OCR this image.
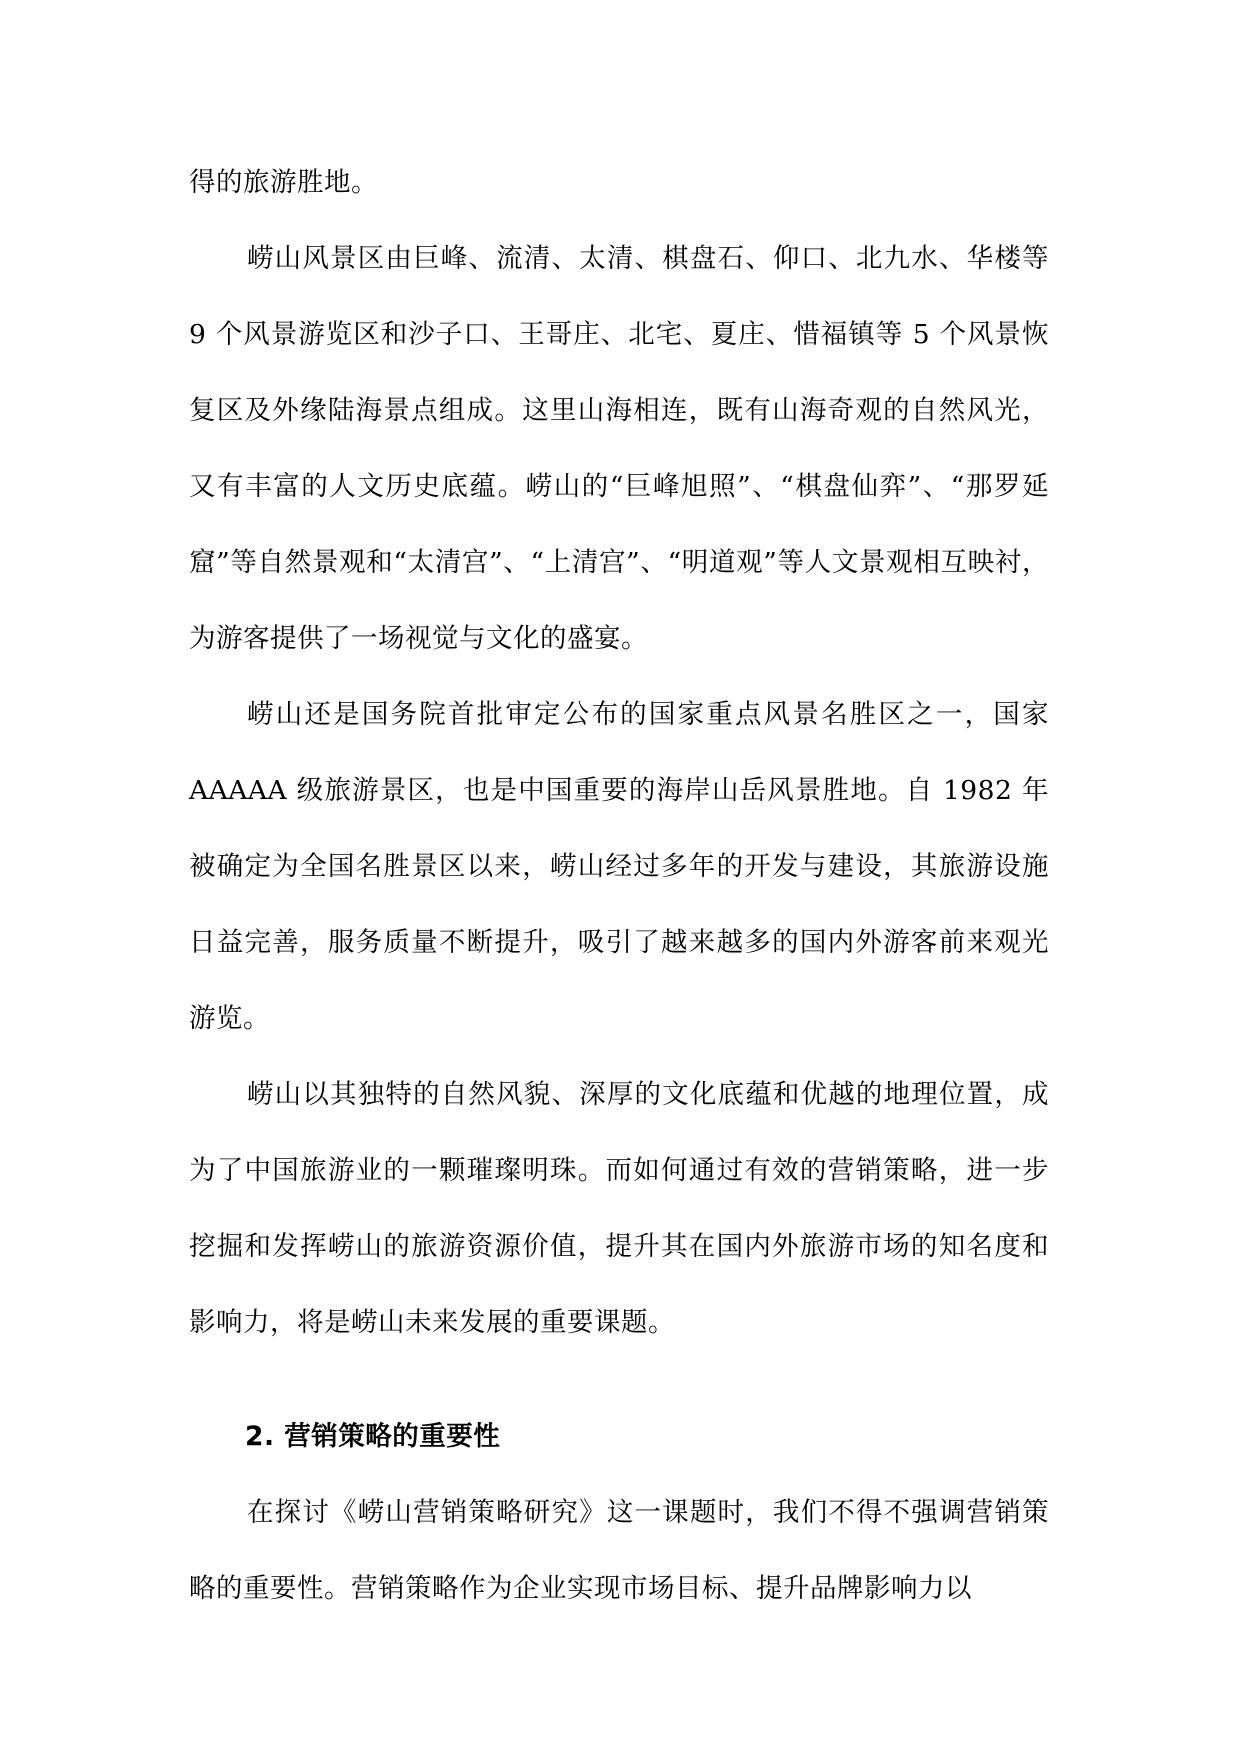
得的旅游胜地。

崂山风景区由巨峰、流清、太清、棋盘石、仰口、北九水、华楼等 9 个风景游览区和沙子口、王哥庄、北宅、夏庄、惜福镇等 5 个风景恢复区及外缘陆海景点组成。这里山海相连，既有山海奇观的自然风光，又有丰富的人文历史底蕴。崂山的“巨峰旭照”、“棋盘仙弈”、“那罗延窟”等自然景观和“太清宫”、“上清宫”、“明道观”等人文景观相互映衬，为游客提供了一场视觉与文化的盛宴。

崂山还是国务院首批审定公布的国家重点风景名胜区之一，国家 AAAAA 级旅游景区，也是中国重要的海岸山岳风景胜地。自 1982 年被确定为全国名胜景区以来，崂山经过多年的开发与建设，其旅游设施日益完善，服务质量不断提升，吸引了越来越多的国内外游客前来观光游览。

崂山以其独特的自然风貌、深厚的文化底蕴和优越的地理位置，成为了中国旅游业的一颗璀璨明珠。而如何通过有效的营销策略，进一步挖掘和发挥崂山的旅游资源价值，提升其在国内外旅游市场的知名度和影响力，将是崂山未来发展的重要课题。

2. 营销策略的重要性

在探讨《崂山营销策略研究》这一课题时，我们不得不强调营销策略的重要性。营销策略作为企业实现市场目标、提升品牌影响力以
